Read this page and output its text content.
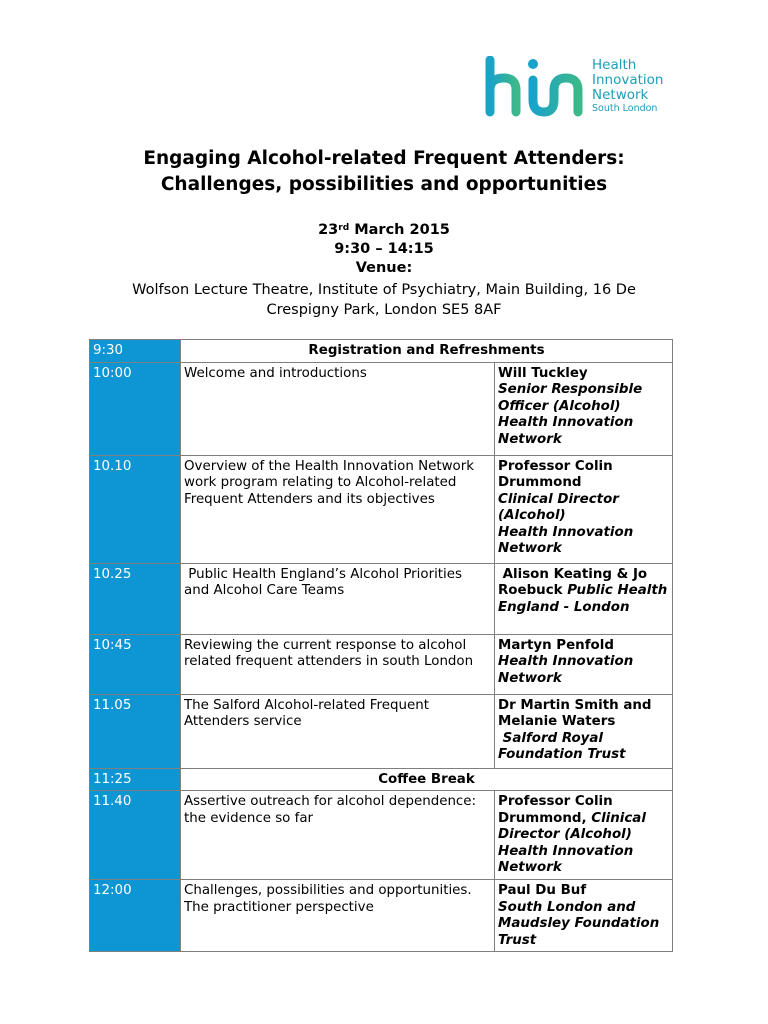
Health
Innovation
Network
South London
Engaging Alcohol-related Frequent Attenders:
Challenges, possibilities and opportunities
23rd March 2015
9:30 – 14:15
Venue:
Wolfson Lecture Theatre, Institute of Psychiatry, Main Building, 16 De
Crespigny Park, London SE5 8AF
9:30	Registration and Refreshments	
10:00	Welcome and introductions	Will Tuckley
Senior Responsible Officer (Alcohol)
Health Innovation Network

10.10	Overview of the Health Innovation Network work program relating to Alcohol-related Frequent Attenders and its objectives	Professor Colin Drummond
Clinical Director (Alcohol)
Health Innovation Network

10.25	Public Health England’s Alcohol Priorities and Alcohol Care Teams	Alison Keating & Jo Roebuck Public Health England - London
10:45	Reviewing the current response to alcohol related frequent attenders in south London	Martyn Penfold
Health Innovation Network

11.05	The Salford Alcohol-related Frequent Attenders service	Dr Martin Smith and Melanie Waters
Salford Royal Foundation Trust

11:25	Coffee Break	
11.40	Assertive outreach for alcohol dependence: the evidence so far	Professor Colin Drummond, Clinical Director (Alcohol)
Health Innovation Network

12:00	Challenges, possibilities and opportunities. The practitioner perspective	Paul Du Buf
South London and Maudsley Foundation Trust
